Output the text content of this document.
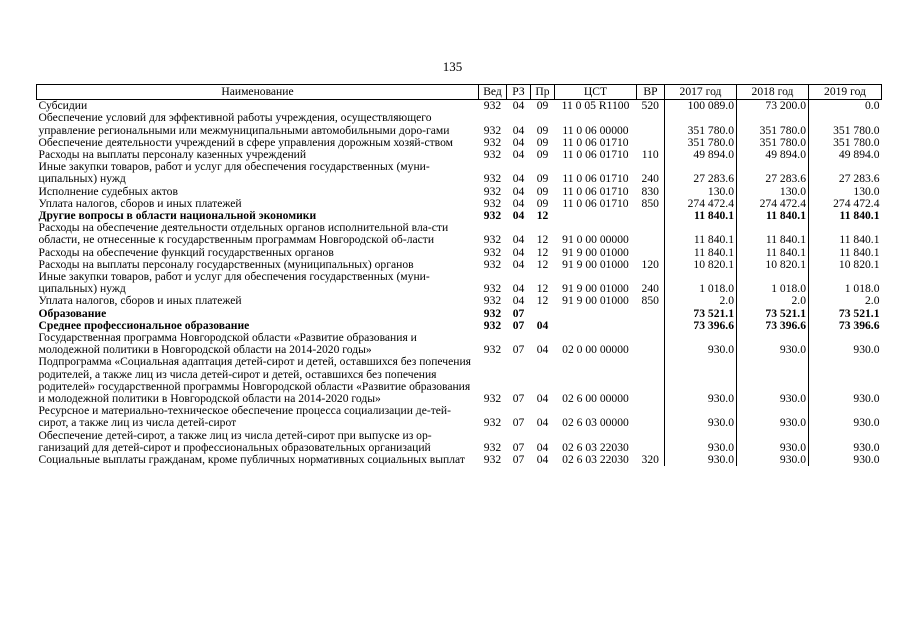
135
Наименование	Вед	РЗ	Пр	ЦСТ	ВР	2017 год	2018 год	2019 год
Субсидии	932	04	09	11 0 05 R1100	520	100 089.0	73 200.0	0.0
Обеспечение условий для эффективной работы учреждения, осуществляющего управление региональными или межмуниципальными автомобильными доро-гами	932	04	09	11 0 06 00000		351 780.0	351 780.0	351 780.0
Обеспечение деятельности учреждений в сфере управления дорожным хозяй-ством	932	04	09	11 0 06 01710		351 780.0	351 780.0	351 780.0
Расходы на выплаты персоналу казенных учреждений	932	04	09	11 0 06 01710	110	49 894.0	49 894.0	49 894.0
Иные закупки товаров, работ и услуг для обеспечения государственных (муни-ципальных) нужд	932	04	09	11 0 06 01710	240	27 283.6	27 283.6	27 283.6
Исполнение судебных актов	932	04	09	11 0 06 01710	830	130.0	130.0	130.0
Уплата налогов, сборов и иных платежей	932	04	09	11 0 06 01710	850	274 472.4	274 472.4	274 472.4
Другие вопросы в области национальной экономики	932	04	12			11 840.1	11 840.1	11 840.1
Расходы на обеспечение деятельности отдельных органов исполнительной вла-сти области, не отнесенные к государственным программам Новгородской об-ласти	932	04	12	91 0 00 00000		11 840.1	11 840.1	11 840.1
Расходы на обеспечение функций государственных органов	932	04	12	91 9 00 01000		11 840.1	11 840.1	11 840.1
Расходы на выплаты персоналу государственных (муниципальных) органов	932	04	12	91 9 00 01000	120	10 820.1	10 820.1	10 820.1
Иные закупки товаров, работ и услуг для обеспечения государственных (муни-ципальных) нужд	932	04	12	91 9 00 01000	240	1 018.0	1 018.0	1 018.0
Уплата налогов, сборов и иных платежей	932	04	12	91 9 00 01000	850	2.0	2.0	2.0
Образование	932	07				73 521.1	73 521.1	73 521.1
Среднее профессиональное образование	932	07	04			73 396.6	73 396.6	73 396.6
Государственная программа Новгородской области «Развитие образования и молодежной политики в Новгородской области на 2014-2020 годы»	932	07	04	02 0 00 00000		930.0	930.0	930.0
Подпрограмма «Социальная адаптация детей-сирот и детей, оставшихся без попечения родителей, а также лиц из числа детей-сирот и детей, оставшихся без попечения родителей» государственной программы Новгородской области «Развитие образования и молодежной политики в Новгородской области на 2014-2020 годы»	932	07	04	02 6 00 00000		930.0	930.0	930.0
Ресурсное и материально-техническое обеспечение процесса социализации де-тей-сирот, а также лиц из числа детей-сирот	932	07	04	02 6 03 00000		930.0	930.0	930.0
Обеспечение детей-сирот, а также лиц из числа детей-сирот при выпуске из ор-ганизаций для детей-сирот и профессиональных образовательных организаций	932	07	04	02 6 03 22030		930.0	930.0	930.0
Социальные выплаты гражданам, кроме публичных нормативных социальных выплат	932	07	04	02 6 03 22030	320	930.0	930.0	930.0
